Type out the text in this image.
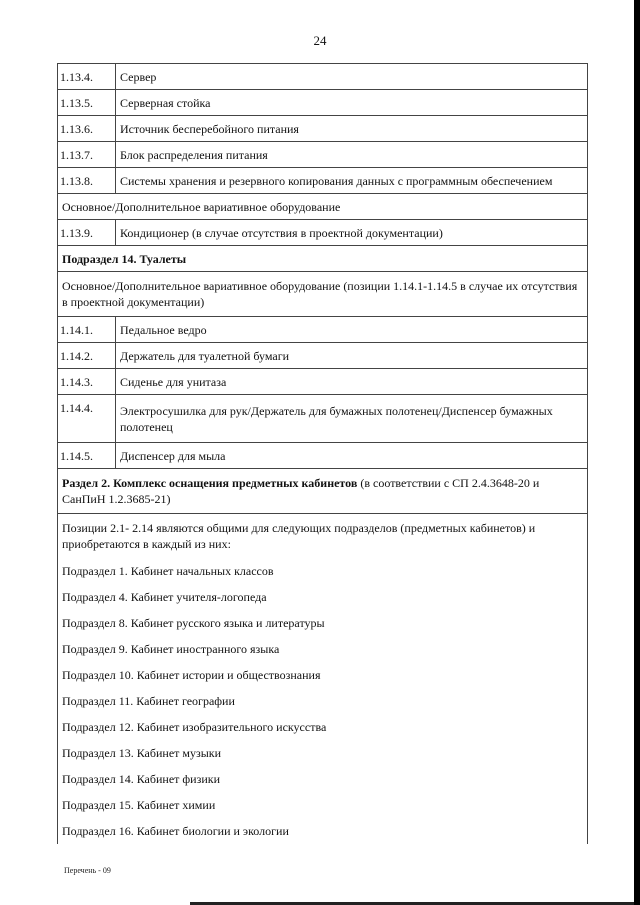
24
1.13.4.	Сервер
1.13.5.	Серверная стойка
1.13.6.	Источник бесперебойного питания
1.13.7.	Блок распределения питания
1.13.8.	Системы хранения и резервного копирования данных с программным обеспечением
Основное/Дополнительное вариативное оборудование	
1.13.9.	Кондиционер (в случае отсутствия в проектной документации)
Подраздел 14. Туалеты	
Основное/Дополнительное вариативное оборудование (позиции 1.14.1-1.14.5 в случае их отсутствия в проектной документации)	
1.14.1.	Педальное ведро
1.14.2.	Держатель для туалетной бумаги
1.14.3.	Сиденье для унитаза
1.14.4.	Электросушилка для рук/Держатель для бумажных полотенец/Диспенсер бумажных полотенец
1.14.5.	Диспенсер для мыла
Раздел 2. Комплекс оснащения предметных кабинетов (в соответствии с СП 2.4.3648-20 и СанПиН 1.2.3685-21)	

Позиции 2.1- 2.14 являются общими для следующих подразделов (предметных кабинетов) и приобретаются в каждый из них:
Подраздел 1. Кабинет начальных классов
Подраздел 4. Кабинет учителя-логопеда
Подраздел 8. Кабинет русского языка и литературы
Подраздел 9. Кабинет иностранного языка
Подраздел 10. Кабинет истории и обществознания
Подраздел 11. Кабинет географии
Подраздел 12. Кабинет изобразительного искусства
Подраздел 13. Кабинет музыки
Подраздел 14. Кабинет физики
Подраздел 15. Кабинет химии
Подраздел 16. Кабинет биологии и экологии
Перечень - 09
